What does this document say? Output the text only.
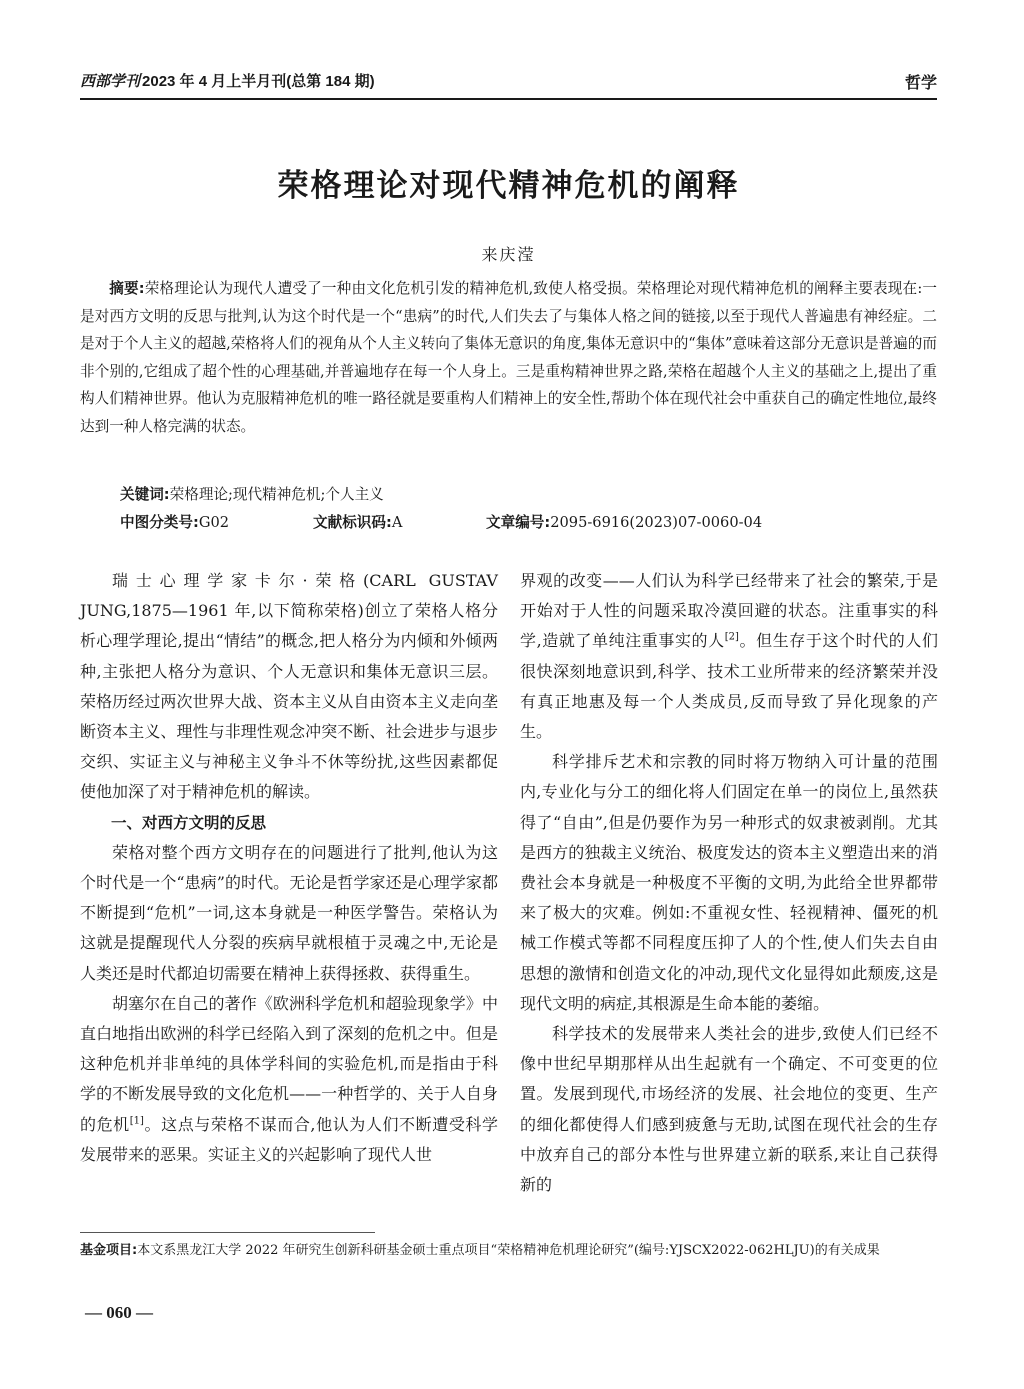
西部学刊 2023 年 4 月上半月刊(总第 184 期)	哲学
荣格理论对现代精神危机的阐释
来庆滢
摘要:荣格理论认为现代人遭受了一种由文化危机引发的精神危机,致使人格受损。荣格理论对现代精神危机的阐释主要表现在:一是对西方文明的反思与批判,认为这个时代是一个“患病”的时代,人们失去了与集体人格之间的链接,以至于现代人普遍患有神经症。二是对于个人主义的超越,荣格将人们的视角从个人主义转向了集体无意识的角度,集体无意识中的“集体”意味着这部分无意识是普遍的而非个别的,它组成了超个性的心理基础,并普遍地存在每一个人身上。三是重构精神世界之路,荣格在超越个人主义的基础之上,提出了重构人们精神世界。他认为克服精神危机的唯一路径就是要重构人们精神上的安全性,帮助个体在现代社会中重获自己的确定性地位,最终达到一种人格完满的状态。
关键词:荣格理论;现代精神危机;个人主义
中图分类号:G02	文献标识码:A	文章编号:2095-6916(2023)07-0060-04

瑞士心理学家卡尔·荣格(CARL GUSTAV JUNG,1875—1961 年,以下简称荣格)创立了荣格人格分析心理学理论,提出“情结”的概念,把人格分为内倾和外倾两种,主张把人格分为意识、个人无意识和集体无意识三层。荣格历经过两次世界大战、资本主义从自由资本主义走向垄断资本主义、理性与非理性观念冲突不断、社会进步与退步交织、实证主义与神秘主义争斗不休等纷扰,这些因素都促使他加深了对于精神危机的解读。

一、对西方文明的反思

荣格对整个西方文明存在的问题进行了批判,他认为这个时代是一个“患病”的时代。无论是哲学家还是心理学家都不断提到“危机”一词,这本身就是一种医学警告。荣格认为这就是提醒现代人分裂的疾病早就根植于灵魂之中,无论是人类还是时代都迫切需要在精神上获得拯救、获得重生。

胡塞尔在自己的著作《欧洲科学危机和超验现象学》中直白地指出欧洲的科学已经陷入到了深刻的危机之中。但是这种危机并非单纯的具体学科间的实验危机,而是指由于科学的不断发展导致的文化危机——一种哲学的、关于人自身的危机[1]。这点与荣格不谋而合,他认为人们不断遭受科学发展带来的恶果。实证主义的兴起影响了现代人世

界观的改变——人们认为科学已经带来了社会的繁荣,于是开始对于人性的问题采取冷漠回避的状态。注重事实的科学,造就了单纯注重事实的人[2]。但生存于这个时代的人们很快深刻地意识到,科学、技术工业所带来的经济繁荣并没有真正地惠及每一个人类成员,反而导致了异化现象的产生。

科学排斥艺术和宗教的同时将万物纳入可计量的范围内,专业化与分工的细化将人们固定在单一的岗位上,虽然获得了“自由”,但是仍要作为另一种形式的奴隶被剥削。尤其是西方的独裁主义统治、极度发达的资本主义塑造出来的消费社会本身就是一种极度不平衡的文明,为此给全世界都带来了极大的灾难。例如:不重视女性、轻视精神、僵死的机械工作模式等都不同程度压抑了人的个性,使人们失去自由思想的激情和创造文化的冲动,现代文化显得如此颓废,这是现代文明的病症,其根源是生命本能的萎缩。

科学技术的发展带来人类社会的进步,致使人们已经不像中世纪早期那样从出生起就有一个确定、不可变更的位置。发展到现代,市场经济的发展、社会地位的变更、生产的细化都使得人们感到疲惫与无助,试图在现代社会的生存中放弃自己的部分本性与世界建立新的联系,来让自己获得新的

基金项目:本文系黑龙江大学 2022 年研究生创新科研基金硕士重点项目“荣格精神危机理论研究”(编号:YJSCX2022-062HLJU)的有关成果
— 060 —
